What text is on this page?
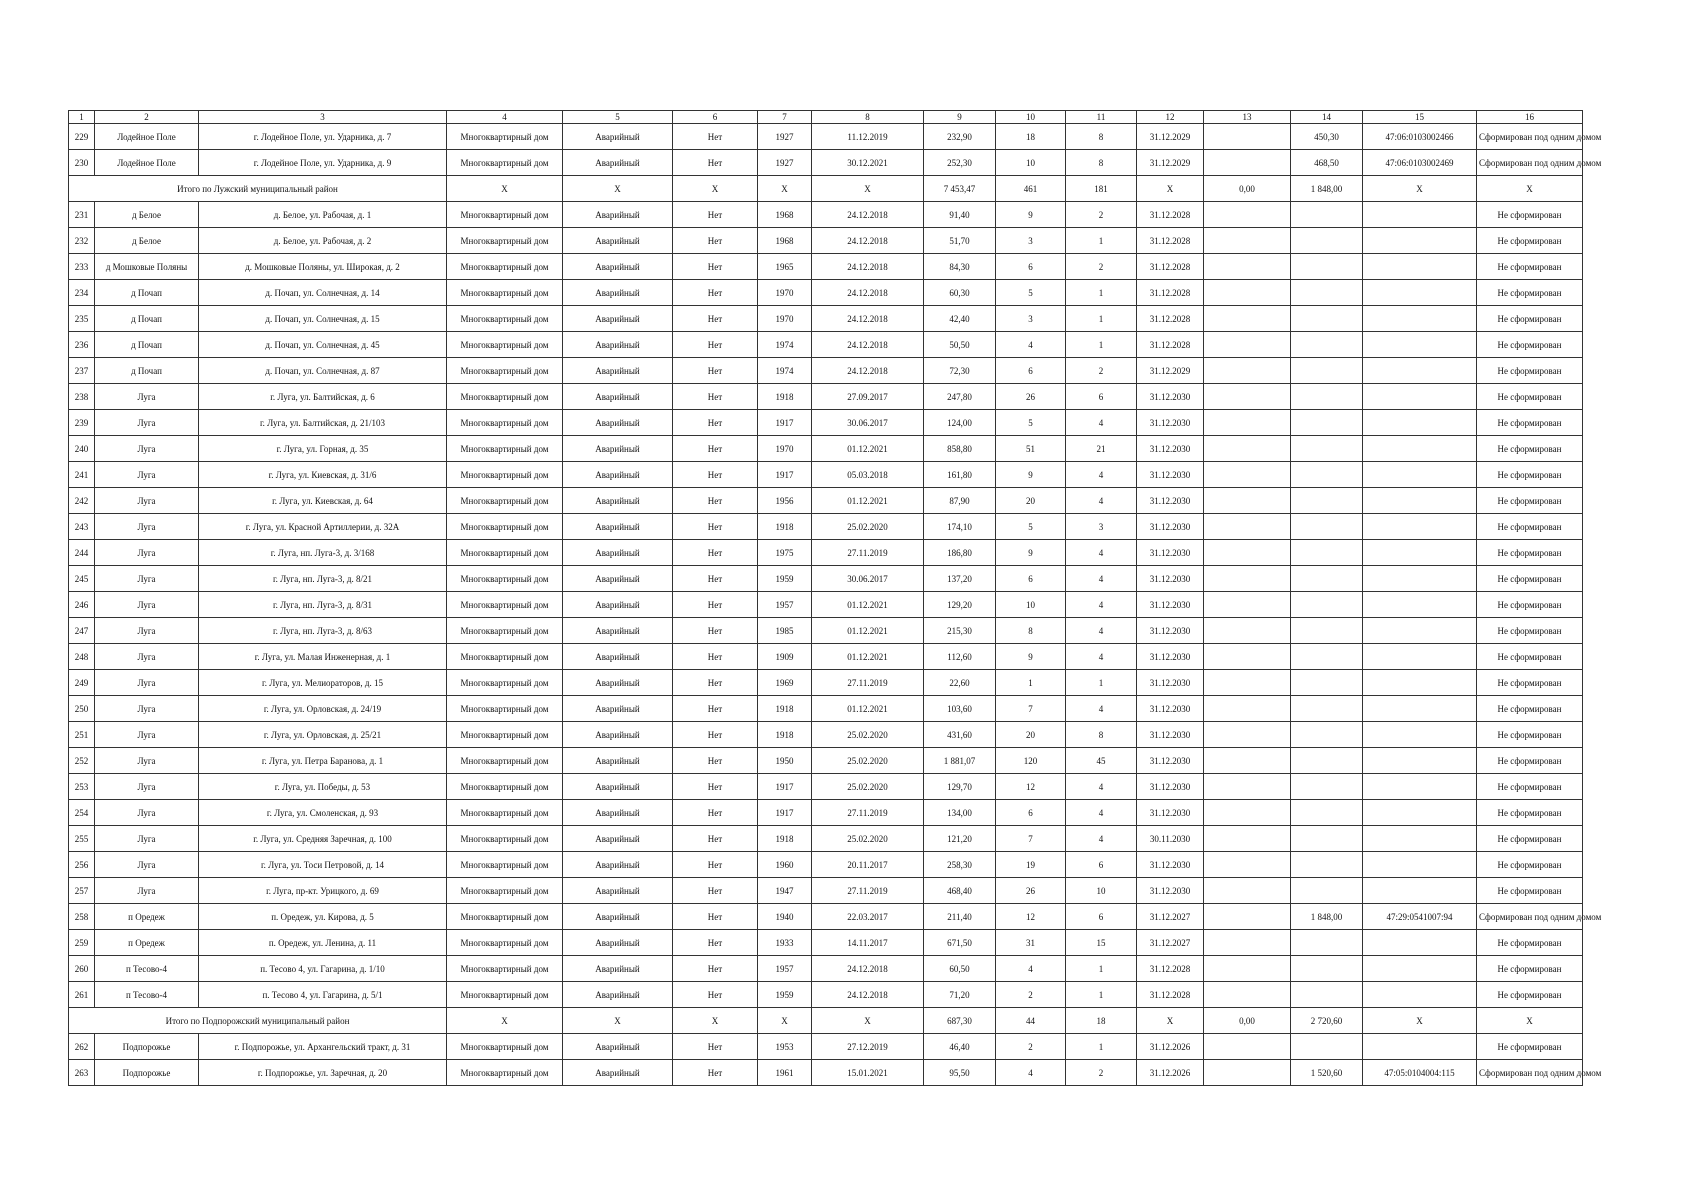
1	2	3	4	5	6	7	8	9	10	11	12	13	14	15	16
229	Лодейное Поле	г. Лодейное Поле, ул. Ударника, д. 7	Многоквартирный дом	Аварийный	Нет	1927	11.12.2019	232,90	18	8	31.12.2029		450,30	47:06:0103002466	Сформирован под одним домом
230	Лодейное Поле	г. Лодейное Поле, ул. Ударника, д. 9	Многоквартирный дом	Аварийный	Нет	1927	30.12.2021	252,30	10	8	31.12.2029		468,50	47:06:0103002469	Сформирован под одним домом
Итого по Лужский муниципальный район			X	X	X	X	X	7 453,47	461	181	X	0,00	1 848,00	X	X
231	д Белое	д. Белое, ул. Рабочая, д. 1	Многоквартирный дом	Аварийный	Нет	1968	24.12.2018	91,40	9	2	31.12.2028				Не сформирован
232	д Белое	д. Белое, ул. Рабочая, д. 2	Многоквартирный дом	Аварийный	Нет	1968	24.12.2018	51,70	3	1	31.12.2028				Не сформирован
233	д Мошковые Поляны	д. Мошковые Поляны, ул. Широкая, д. 2	Многоквартирный дом	Аварийный	Нет	1965	24.12.2018	84,30	6	2	31.12.2028				Не сформирован
234	д Почап	д. Почап, ул. Солнечная, д. 14	Многоквартирный дом	Аварийный	Нет	1970	24.12.2018	60,30	5	1	31.12.2028				Не сформирован
235	д Почап	д. Почап, ул. Солнечная, д. 15	Многоквартирный дом	Аварийный	Нет	1970	24.12.2018	42,40	3	1	31.12.2028				Не сформирован
236	д Почап	д. Почап, ул. Солнечная, д. 45	Многоквартирный дом	Аварийный	Нет	1974	24.12.2018	50,50	4	1	31.12.2028				Не сформирован
237	д Почап	д. Почап, ул. Солнечная, д. 87	Многоквартирный дом	Аварийный	Нет	1974	24.12.2018	72,30	6	2	31.12.2029				Не сформирован
238	Луга	г. Луга, ул. Балтийская, д. 6	Многоквартирный дом	Аварийный	Нет	1918	27.09.2017	247,80	26	6	31.12.2030				Не сформирован
239	Луга	г. Луга, ул. Балтийская, д. 21/103	Многоквартирный дом	Аварийный	Нет	1917	30.06.2017	124,00	5	4	31.12.2030				Не сформирован
240	Луга	г. Луга, ул. Горная, д. 35	Многоквартирный дом	Аварийный	Нет	1970	01.12.2021	858,80	51	21	31.12.2030				Не сформирован
241	Луга	г. Луга, ул. Киевская, д. 31/6	Многоквартирный дом	Аварийный	Нет	1917	05.03.2018	161,80	9	4	31.12.2030				Не сформирован
242	Луга	г. Луга, ул. Киевская, д. 64	Многоквартирный дом	Аварийный	Нет	1956	01.12.2021	87,90	20	4	31.12.2030				Не сформирован
243	Луга	г. Луга, ул. Красной Артиллерии, д. 32А	Многоквартирный дом	Аварийный	Нет	1918	25.02.2020	174,10	5	3	31.12.2030				Не сформирован
244	Луга	г. Луга, нп. Луга-3, д. 3/168	Многоквартирный дом	Аварийный	Нет	1975	27.11.2019	186,80	9	4	31.12.2030				Не сформирован
245	Луга	г. Луга, нп. Луга-3, д. 8/21	Многоквартирный дом	Аварийный	Нет	1959	30.06.2017	137,20	6	4	31.12.2030				Не сформирован
246	Луга	г. Луга, нп. Луга-3, д. 8/31	Многоквартирный дом	Аварийный	Нет	1957	01.12.2021	129,20	10	4	31.12.2030				Не сформирован
247	Луга	г. Луга, нп. Луга-3, д. 8/63	Многоквартирный дом	Аварийный	Нет	1985	01.12.2021	215,30	8	4	31.12.2030				Не сформирован
248	Луга	г. Луга, ул. Малая Инженерная, д. 1	Многоквартирный дом	Аварийный	Нет	1909	01.12.2021	112,60	9	4	31.12.2030				Не сформирован
249	Луга	г. Луга, ул. Мелиораторов, д. 15	Многоквартирный дом	Аварийный	Нет	1969	27.11.2019	22,60	1	1	31.12.2030				Не сформирован
250	Луга	г. Луга, ул. Орловская, д. 24/19	Многоквартирный дом	Аварийный	Нет	1918	01.12.2021	103,60	7	4	31.12.2030				Не сформирован
251	Луга	г. Луга, ул. Орловская, д. 25/21	Многоквартирный дом	Аварийный	Нет	1918	25.02.2020	431,60	20	8	31.12.2030				Не сформирован
252	Луга	г. Луга, ул. Петра Баранова, д. 1	Многоквартирный дом	Аварийный	Нет	1950	25.02.2020	1 881,07	120	45	31.12.2030				Не сформирован
253	Луга	г. Луга, ул. Победы, д. 53	Многоквартирный дом	Аварийный	Нет	1917	25.02.2020	129,70	12	4	31.12.2030				Не сформирован
254	Луга	г. Луга, ул. Смоленская, д. 93	Многоквартирный дом	Аварийный	Нет	1917	27.11.2019	134,00	6	4	31.12.2030				Не сформирован
255	Луга	г. Луга, ул. Средняя Заречная, д. 100	Многоквартирный дом	Аварийный	Нет	1918	25.02.2020	121,20	7	4	30.11.2030				Не сформирован
256	Луга	г. Луга, ул. Тоси Петровой, д. 14	Многоквартирный дом	Аварийный	Нет	1960	20.11.2017	258,30	19	6	31.12.2030				Не сформирован
257	Луга	г. Луга, пр-кт. Урицкого, д. 69	Многоквартирный дом	Аварийный	Нет	1947	27.11.2019	468,40	26	10	31.12.2030				Не сформирован
258	п Оредеж	п. Оредеж, ул. Кирова, д. 5	Многоквартирный дом	Аварийный	Нет	1940	22.03.2017	211,40	12	6	31.12.2027		1 848,00	47:29:0541007:94	Сформирован под одним домом
259	п Оредеж	п. Оредеж, ул. Ленина, д. 11	Многоквартирный дом	Аварийный	Нет	1933	14.11.2017	671,50	31	15	31.12.2027				Не сформирован
260	п Тесово-4	п. Тесово 4, ул. Гагарина, д. 1/10	Многоквартирный дом	Аварийный	Нет	1957	24.12.2018	60,50	4	1	31.12.2028				Не сформирован
261	п Тесово-4	п. Тесово 4, ул. Гагарина, д. 5/1	Многоквартирный дом	Аварийный	Нет	1959	24.12.2018	71,20	2	1	31.12.2028				Не сформирован
Итого по Подпорожский муниципальный район			X	X	X	X	X	687,30	44	18	X	0,00	2 720,60	X	X
262	Подпорожье	г. Подпорожье, ул. Архангельский тракт, д. 31	Многоквартирный дом	Аварийный	Нет	1953	27.12.2019	46,40	2	1	31.12.2026				Не сформирован
263	Подпорожье	г. Подпорожье, ул. Заречная, д. 20	Многоквартирный дом	Аварийный	Нет	1961	15.01.2021	95,50	4	2	31.12.2026		1 520,60	47:05:0104004:115	Сформирован под одним домом
